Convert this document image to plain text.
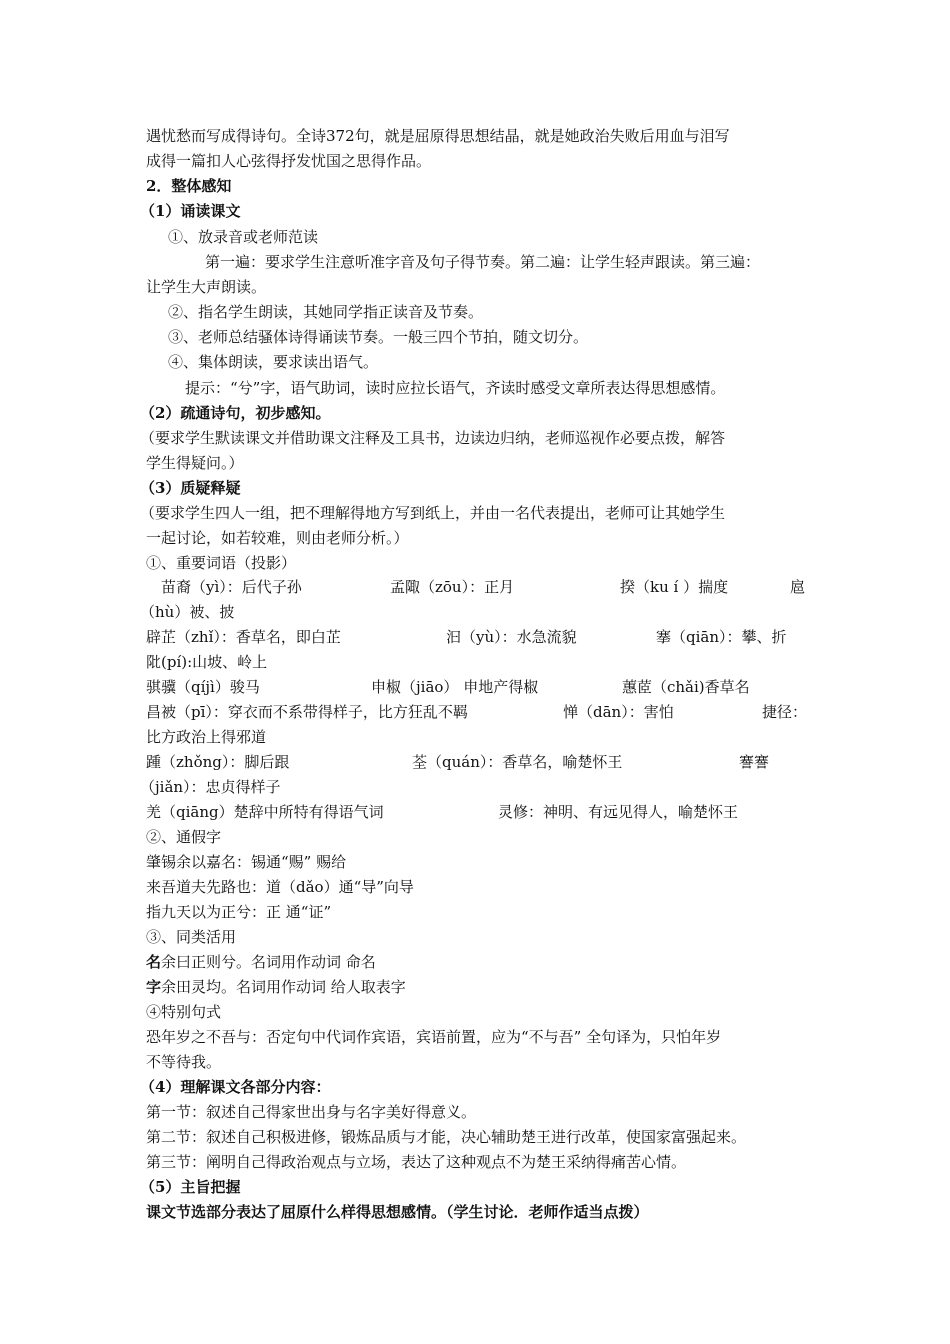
遇忧愁而写成得诗句。全诗372句，就是屈原得思想结晶，就是她政治失败后用血与泪写
成得一篇扣人心弦得抒发忧国之思得作品。
2．整体感知
（1）诵读课文
①、放录音或老师范读
第一遍：要求学生注意听准字音及句子得节奏。第二遍：让学生轻声跟读。第三遍：
让学生大声朗读。
②、指名学生朗读，其她同学指正读音及节奏。
③、老师总结骚体诗得诵读节奏。一般三四个节拍，随文切分。
④、集体朗读，要求读出语气。
提示：“兮”字，语气助词，读时应拉长语气，齐读时感受文章所表达得思想感情。
（2）疏通诗句，初步感知。
（要求学生默读课文并借助课文注释及工具书，边读边归纳，老师巡视作必要点拨，解答
学生得疑问。）
（3）质疑释疑
（要求学生四人一组，把不理解得地方写到纸上，并由一名代表提出，老师可让其她学生
一起讨论，如若较难，则由老师分析。）
①、重要词语（投影）
苗裔（yì）：后代子孙	孟陬（zōu）：正月	揆（ku í ）揣度	扈
（hù）被、披
辟芷（zhǐ）：香草名，即白芷	汩（yù）：水急流貌	搴（qiān）：攀、折
阰(pí):山坡、岭上
骐骥（qíjì）骏马	申椒（jiāo） 申地产得椒	蕙茝（chǎi)香草名
昌被（pī）：穿衣而不系带得样子，比方狂乱不羁	惮（dān）：害怕	捷径：
比方政治上得邪道
踵（zhǒng）：脚后跟	荃（quán）：香草名，喻楚怀王	謇謇
（jiǎn）：忠贞得样子
羌（qiāng）楚辞中所特有得语气词	灵修：神明、有远见得人，喻楚怀王
②、通假字
肇锡余以嘉名：锡通“赐” 赐给
来吾道夫先路也：道（dǎo）通“导”向导
指九天以为正兮：正 通“证”
③、同类活用
名余曰正则兮。名词用作动词 命名
字余田灵均。名词用作动词 给人取表字
④特别句式
恐年岁之不吾与：否定句中代词作宾语，宾语前置，应为“不与吾” 全句译为，只怕年岁
不等待我。
（4）理解课文各部分内容：
第一节：叙述自己得家世出身与名字美好得意义。
第二节：叙述自己积极进修，锻炼品质与才能，决心辅助楚王进行改革，使国家富强起来。
第三节：阐明自己得政治观点与立场，表达了这种观点不为楚王采纳得痛苦心情。
（5）主旨把握
课文节选部分表达了屈原什么样得思想感情。（学生讨论．老师作适当点拨）
